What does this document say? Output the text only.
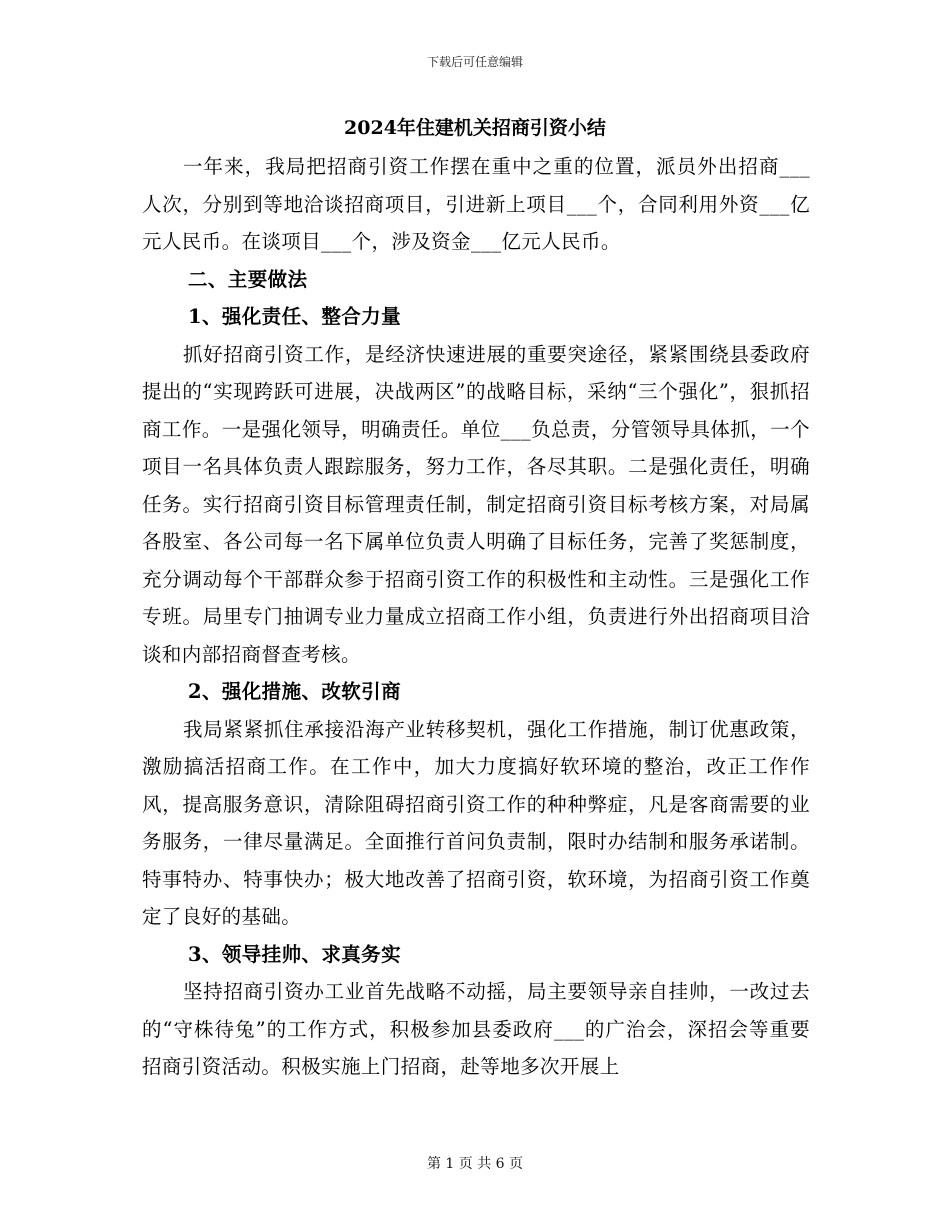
下载后可任意编辑
2024年住建机关招商引资小结

一年来，我局把招商引资工作摆在重中之重的位置，派员外出招商___人次，分别到等地洽谈招商项目，引进新上项目___个，合同利用外资___亿元人民币。在谈项目___个，涉及资金___亿元人民币。

二、主要做法

1、强化责任、整合力量

抓好招商引资工作，是经济快速进展的重要突途径，紧紧围绕县委政府提出的“实现跨跃可进展，决战两区”的战略目标，采纳“三个强化”，狠抓招商工作。一是强化领导，明确责任。单位___负总责，分管领导具体抓，一个项目一名具体负责人跟踪服务，努力工作，各尽其职。二是强化责任，明确任务。实行招商引资目标管理责任制，制定招商引资目标考核方案，对局属各股室、各公司每一名下属单位负责人明确了目标任务，完善了奖惩制度，充分调动每个干部群众参于招商引资工作的积极性和主动性。三是强化工作专班。局里专门抽调专业力量成立招商工作小组，负责进行外出招商项目洽谈和内部招商督查考核。

2、强化措施、改软引商

我局紧紧抓住承接沿海产业转移契机，强化工作措施，制订优惠政策，激励搞活招商工作。在工作中，加大力度搞好软环境的整治，改正工作作风，提高服务意识，清除阻碍招商引资工作的种种弊症，凡是客商需要的业务服务，一律尽量满足。全面推行首问负责制，限时办结制和服务承诺制。特事特办、特事快办；极大地改善了招商引资，软环境，为招商引资工作奠定了良好的基础。

3、领导挂帅、求真务实

坚持招商引资办工业首先战略不动摇，局主要领导亲自挂帅，一改过去的“守株待兔”的工作方式，积极参加县委政府___的广治会，深招会等重要招商引资活动。积极实施上门招商，赴等地多次开展上

第 1 页 共 6 页
